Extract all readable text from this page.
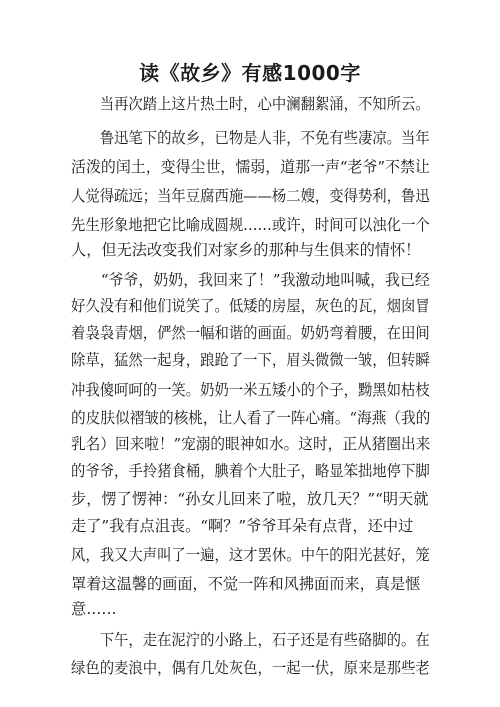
读《故乡》有感1000字
　　当再次踏上这片热土时，心中澜翻絮涌，不知所云。
　　鲁迅笔下的故乡，已物是人非，不免有些凄凉。当年
活泼的闰土，变得尘世，懦弱，道那一声“老爷”不禁让
人觉得疏远；当年豆腐西施——杨二嫂，变得势利，鲁迅
先生形象地把它比喻成圆规……或许，时间可以浊化一个
人，但无法改变我们对家乡的那种与生俱来的情怀！
　　“爷爷，奶奶，我回来了！”我激动地叫喊，我已经
好久没有和他们说笑了。低矮的房屋，灰色的瓦，烟囱冒
着袅袅青烟，俨然一幅和谐的画面。奶奶弯着腰，在田间
除草，猛然一起身，踉跄了一下，眉头微微一皱，但转瞬
冲我傻呵呵的一笑。奶奶一米五矮小的个子，黝黑如枯枝
的皮肤似褶皱的核桃，让人看了一阵心痛。“海燕（我的
乳名）回来啦！”宠溺的眼神如水。这时，正从猪圈出来
的爷爷，手拎猪食桶，腆着个大肚子，略显笨拙地停下脚
步，愣了愣神：“孙女儿回来了啦，放几天？”“明天就
走了”我有点沮丧。“啊？”爷爷耳朵有点背，还中过
风，我又大声叫了一遍，这才罢休。中午的阳光甚好，笼
罩着这温馨的画面，不觉一阵和风拂面而来，真是惬
意……
　　下午，走在泥泞的小路上，石子还是有些硌脚的。在
绿色的麦浪中，偶有几处灰色，一起一伏，原来是那些老
